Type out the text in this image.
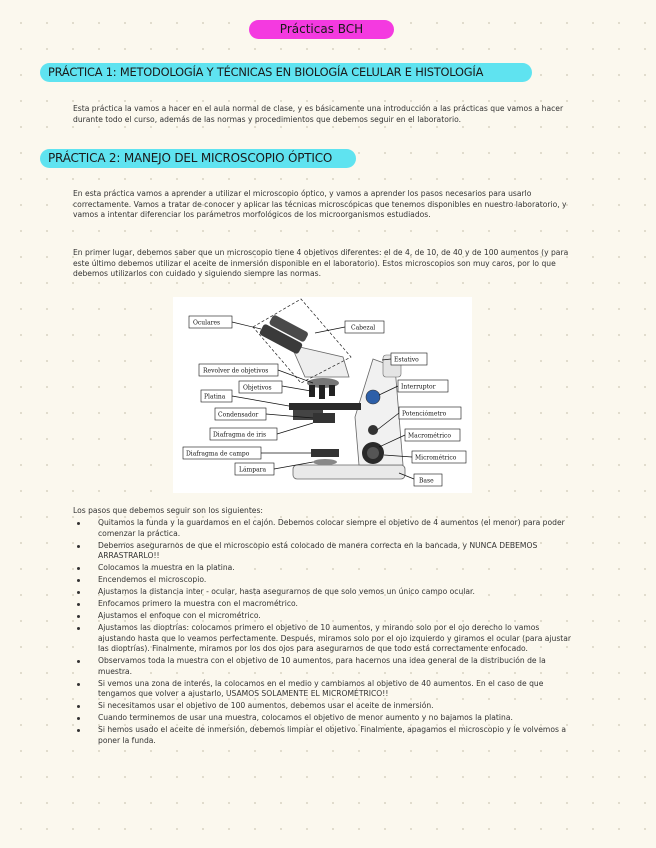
Prácticas BCH
PRÁCTICA 1: METODOLOGÍA Y TÉCNICAS EN BIOLOGÍA CELULAR E HISTOLOGÍA
Esta práctica la vamos a hacer en el aula normal de clase, y es básicamente una introducción a las prácticas que vamos a hacer durante todo el curso, además de las normas y procedimientos que debemos seguir en el laboratorio.
PRÁCTICA 2: MANEJO DEL MICROSCOPIO ÓPTICO
En esta práctica vamos a aprender a utilizar el microscopio óptico, y vamos a aprender los pasos necesarios para usarlo correctamente. Vamos a tratar de conocer y aplicar las técnicas microscópicas que tenemos disponibles en nuestro laboratorio, y vamos a intentar diferenciar los parámetros morfológicos de los microorganismos estudiados.
En primer lugar, debemos saber que un microscopio tiene 4 objetivos diferentes: el de 4, de 10, de 40 y de 100 aumentos (y para este último debemos utilizar el aceite de inmersión disponible en el laboratorio). Estos microscopios son muy caros, por lo que debemos utilizarlos con cuidado y siguiendo siempre las normas.
Oculares
Cabezal
Estativo
Revolver de objetivos
Objetivos	Interruptor
Platina
Condensador	Potenciómetro
Diafragma de iris	Macrométrico
Diafragma de campo
Micrométrico
Lámpara
Base
Los pasos que debemos seguir son los siguientes:
Quitamos la funda y la guardamos en el cajón. Debemos colocar siempre el objetivo de 4 aumentos (el menor) para poder comenzar la práctica.
Debemos asegurarnos de que el microscopio está colocado de manera correcta en la bancada, y NUNCA DEBEMOS ARRASTRARLO!!
Colocamos la muestra en la platina.
Encendemos el microscopio.
Ajustamos la distancia inter - ocular, hasta asegurarnos de que solo vemos un único campo ocular.
Enfocamos primero la muestra con el macrométrico.
Ajustamos el enfoque con el micrométrico.
Ajustamos las dioptrías: colocamos primero el objetivo de 10 aumentos, y mirando solo por el ojo derecho lo vamos ajustando hasta que lo veamos perfectamente. Después, miramos solo por el ojo izquierdo y giramos el ocular (para ajustar las dioptrías). Finalmente, miramos por los dos ojos para asegurarnos de que todo está correctamente enfocado.
Observamos toda la muestra con el objetivo de 10 aumentos, para hacernos una idea general de la distribución de la muestra.
Si vemos una zona de interés, la colocamos en el medio y cambiamos al objetivo de 40 aumentos. En el caso de que tengamos que volver a ajustarlo, USAMOS SOLAMENTE EL MICROMÉTRICO!!
Si necesitamos usar el objetivo de 100 aumentos, debemos usar el aceite de inmersión.
Cuando terminemos de usar una muestra, colocamos el objetivo de menor aumento y no bajamos la platina.
Si hemos usado el aceite de inmersión, debemos limpiar el objetivo. Finalmente, apagamos el microscopio y le volvemos a poner la funda.
